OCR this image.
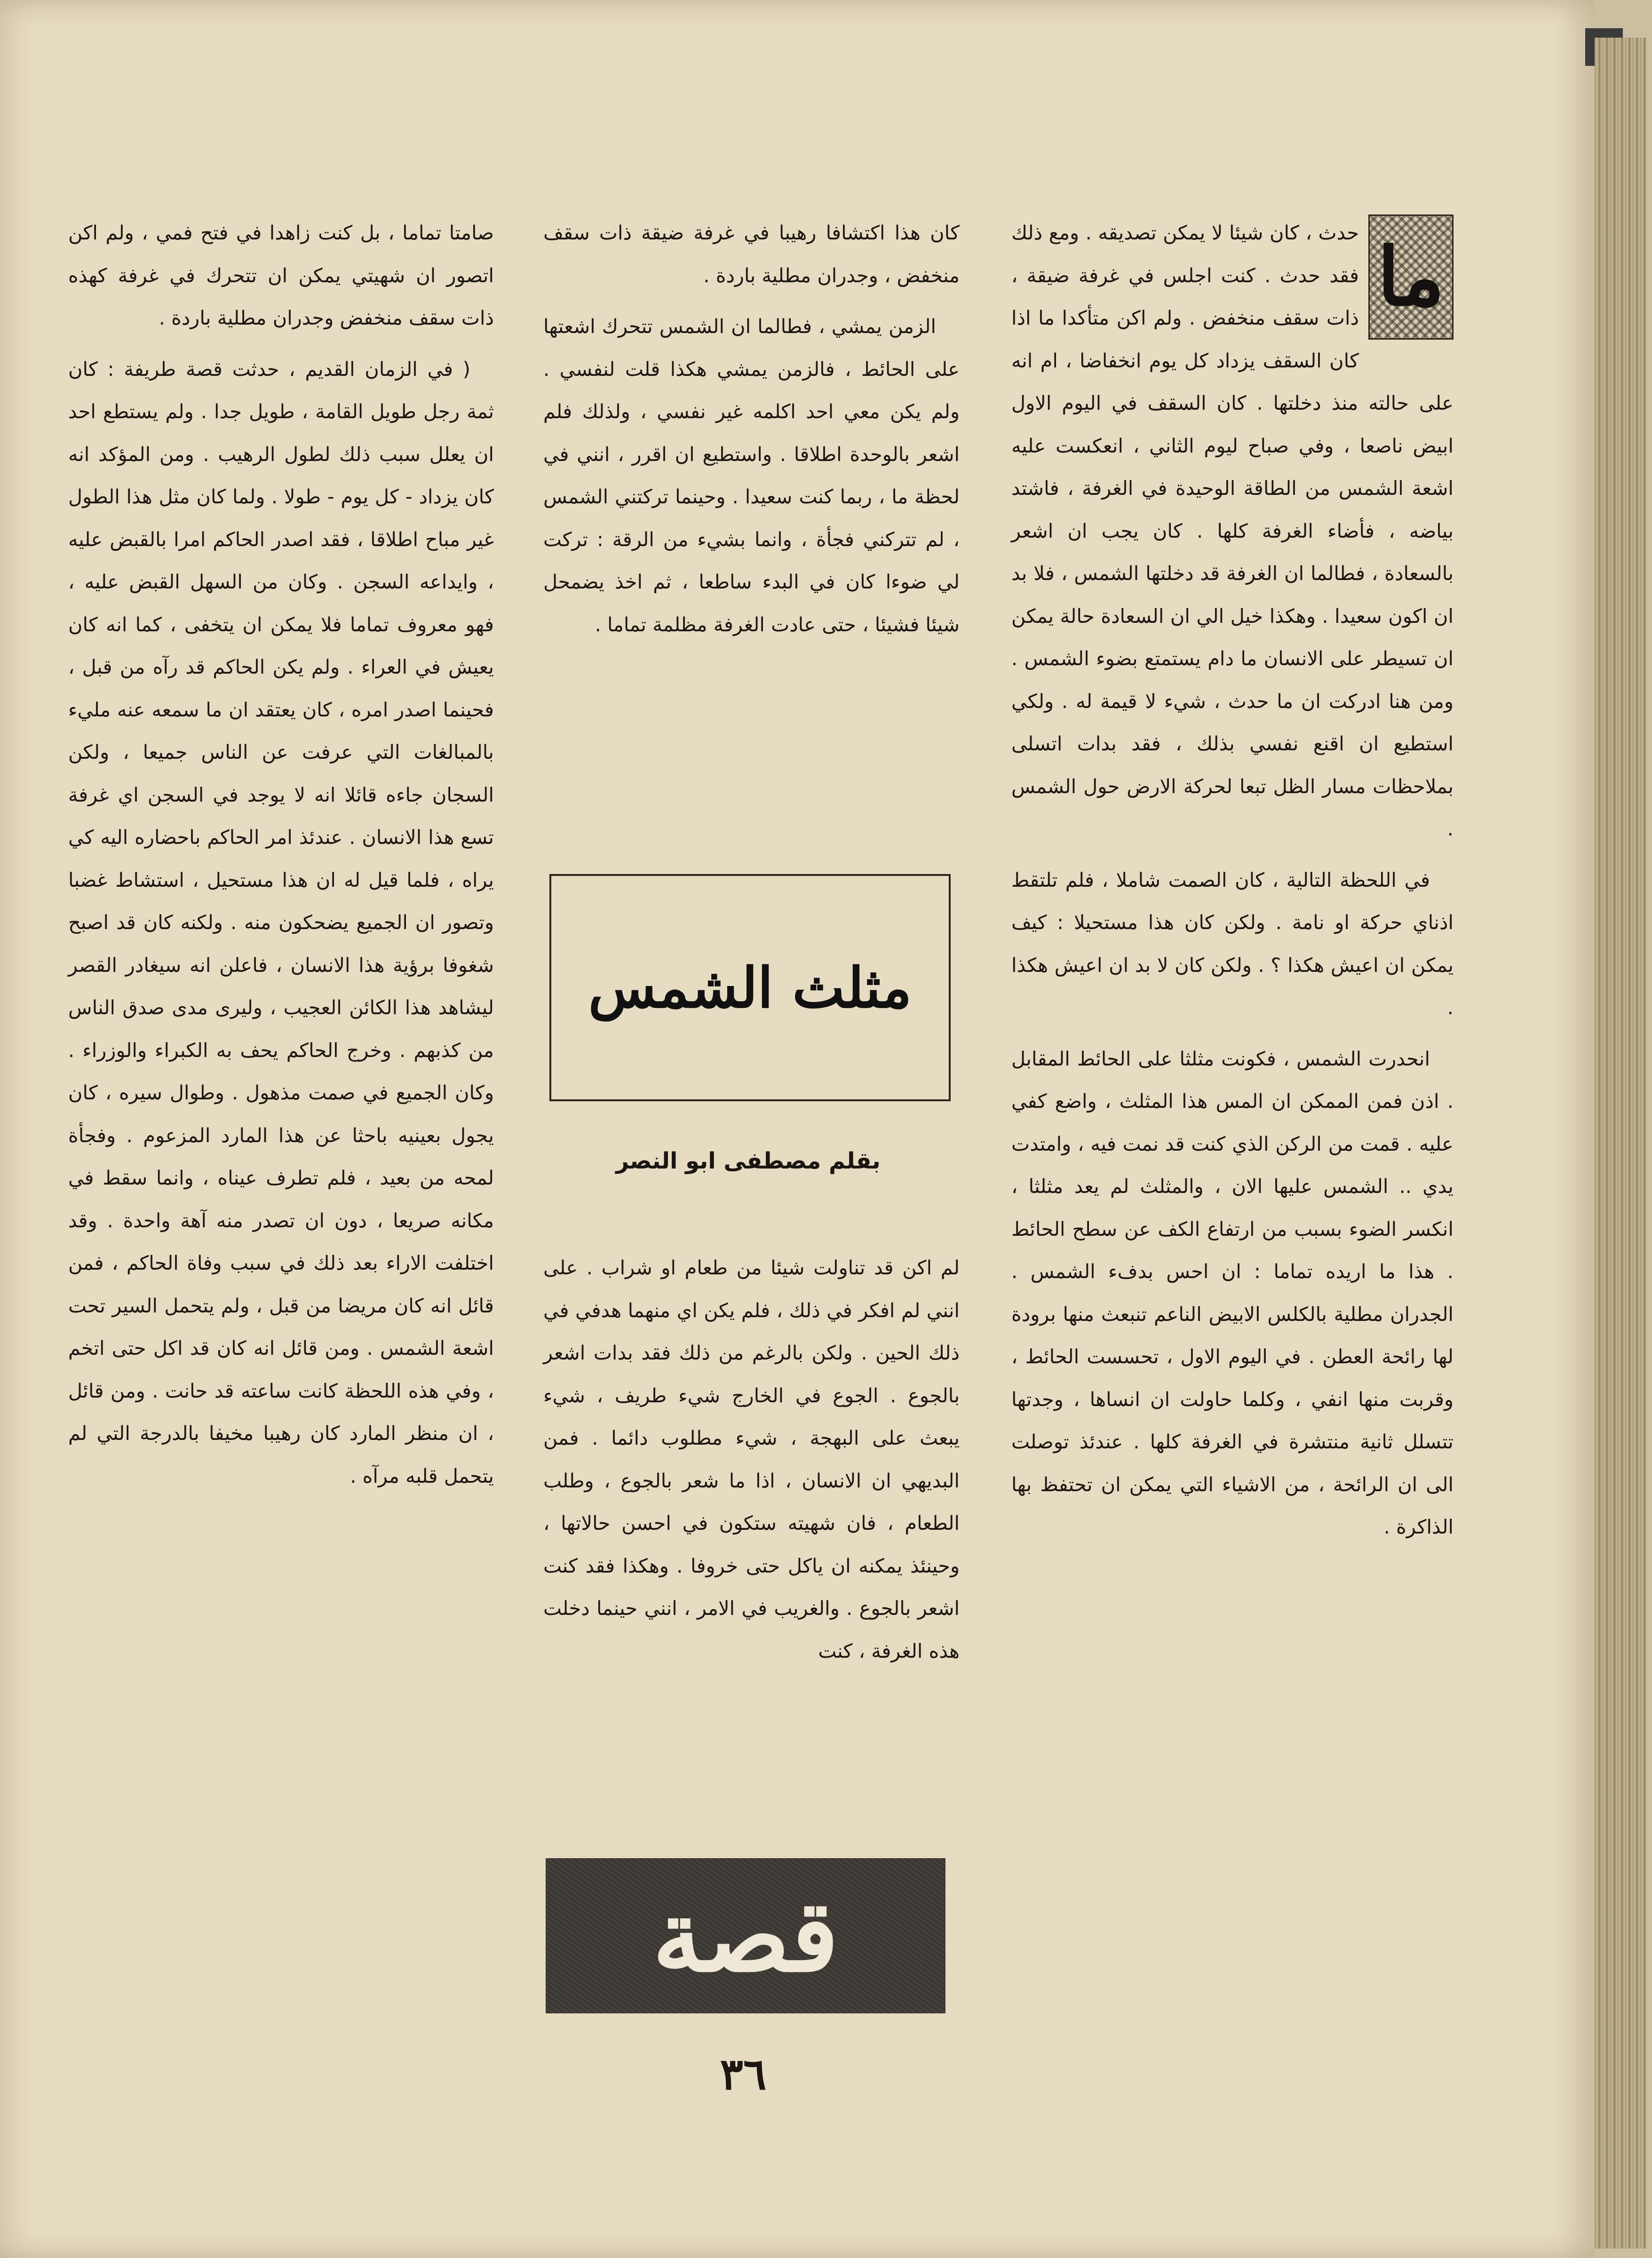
ما

حدث ، كان شيئا لا يمكن تصديقه . ومع ذلك فقد حدث . كنت اجلس في غرفة ضيقة ، ذات سقف منخفض . ولم اكن متأكدا ما اذا كان السقف يزداد كل يوم انخفاضا ، ام انه على حالته منذ دخلتها . كان السقف في اليوم الاول ابيض ناصعا ، وفي صباح ليوم الثاني ، انعكست عليه اشعة الشمس من الطاقة الوحيدة في الغرفة ، فاشتد بياضه ، فأضاء الغرفة كلها . كان يجب ان اشعر بالسعادة ، فطالما ان الغرفة قد دخلتها الشمس ، فلا بد ان اكون سعيدا . وهكذا خيل الي ان السعادة حالة يمكن ان تسيطر على الانسان ما دام يستمتع بضوء الشمس . ومن هنا ادركت ان ما حدث ، شيء لا قيمة له . ولكي استطيع ان اقنع نفسي بذلك ، فقد بدات اتسلى بملاحظات مسار الظل تبعا لحركة الارض حول الشمس .

في اللحظة التالية ، كان الصمت شاملا ، فلم تلتقط اذناي حركة او نامة . ولكن كان هذا مستحيلا : كيف يمكن ان اعيش هكذا ؟ . ولكن كان لا بد ان اعيش هكذا .

انحدرت الشمس ، فكونت مثلثا على الحائط المقابل . اذن فمن الممكن ان المس هذا المثلث ، واضع كفي عليه . قمت من الركن الذي كنت قد نمت فيه ، وامتدت يدي .. الشمس عليها الان ، والمثلث لم يعد مثلثا ، انكسر الضوء بسبب من ارتفاع الكف عن سطح الحائط . هذا ما اريده تماما : ان احس بدفء الشمس . الجدران مطلية بالكلس الابيض الناعم تنبعث منها برودة لها رائحة العطن . في اليوم الاول ، تحسست الحائط ، وقربت منها انفي ، وكلما حاولت ان انساها ، وجدتها تتسلل ثانية منتشرة في الغرفة كلها . عندئذ توصلت الى ان الرائحة ، من الاشياء التي يمكن ان تحتفظ بها الذاكرة .

كان هذا اكتشافا رهيبا في غرفة ضيقة ذات سقف منخفض ، وجدران مطلية باردة .

الزمن يمشي ، فطالما ان الشمس تتحرك اشعتها على الحائط ، فالزمن يمشي هكذا قلت لنفسي . ولم يكن معي احد اكلمه غير نفسي ، ولذلك فلم اشعر بالوحدة اطلاقا . واستطيع ان اقرر ، انني في لحظة ما ، ربما كنت سعيدا . وحينما تركتني الشمس ، لم تتركني فجأة ، وانما بشيء من الرقة : تركت لي ضوءا كان في البدء ساطعا ، ثم اخذ يضمحل شيئا فشيئا ، حتى عادت الغرفة مظلمة تماما .

مثلث الشمس
بقلم مصطفى ابو النصر

لم اكن قد تناولت شيئا من طعام او شراب . على انني لم افكر في ذلك ، فلم يكن اي منهما هدفي في ذلك الحين . ولكن بالرغم من ذلك فقد بدات اشعر بالجوع . الجوع في الخارج شيء طريف ، شيء يبعث على البهجة ، شيء مطلوب دائما . فمن البديهي ان الانسان ، اذا ما شعر بالجوع ، وطلب الطعام ، فان شهيته ستكون في احسن حالاتها ، وحينئذ يمكنه ان ياكل حتى خروفا . وهكذا فقد كنت اشعر بالجوع . والغريب في الامر ، انني حينما دخلت هذه الغرفة ، كنت

قصة

صامتا تماما ، بل كنت زاهدا في فتح فمي ، ولم اكن اتصور ان شهيتي يمكن ان تتحرك في غرفة كهذه ذات سقف منخفض وجدران مطلية باردة .

( في الزمان القديم ، حدثت قصة طريفة : كان ثمة رجل طويل القامة ، طويل جدا . ولم يستطع احد ان يعلل سبب ذلك لطول الرهيب . ومن المؤكد انه كان يزداد - كل يوم - طولا . ولما كان مثل هذا الطول غير مباح اطلاقا ، فقد اصدر الحاكم امرا بالقبض عليه ، وايداعه السجن . وكان من السهل القبض عليه ، فهو معروف تماما فلا يمكن ان يتخفى ، كما انه كان يعيش في العراء . ولم يكن الحاكم قد رآه من قبل ، فحينما اصدر امره ، كان يعتقد ان ما سمعه عنه مليء بالمبالغات التي عرفت عن الناس جميعا ، ولكن السجان جاءه قائلا انه لا يوجد في السجن اي غرفة تسع هذا الانسان . عندئذ امر الحاكم باحضاره اليه كي يراه ، فلما قيل له ان هذا مستحيل ، استشاط غضبا وتصور ان الجميع يضحكون منه . ولكنه كان قد اصبح شغوفا برؤية هذا الانسان ، فاعلن انه سيغادر القصر ليشاهد هذا الكائن العجيب ، وليرى مدى صدق الناس من كذبهم . وخرج الحاكم يحف به الكبراء والوزراء . وكان الجميع في صمت مذهول . وطوال سيره ، كان يجول بعينيه باحثا عن هذا المارد المزعوم . وفجأة لمحه من بعيد ، فلم تطرف عيناه ، وانما سقط في مكانه صريعا ، دون ان تصدر منه آهة واحدة . وقد اختلفت الاراء بعد ذلك في سبب وفاة الحاكم ، فمن قائل انه كان مريضا من قبل ، ولم يتحمل السير تحت اشعة الشمس . ومن قائل انه كان قد اكل حتى اتخم ، وفي هذه اللحظة كانت ساعته قد حانت . ومن قائل ، ان منظر المارد كان رهيبا مخيفا بالدرجة التي لم يتحمل قلبه مرآه .

٣٦
